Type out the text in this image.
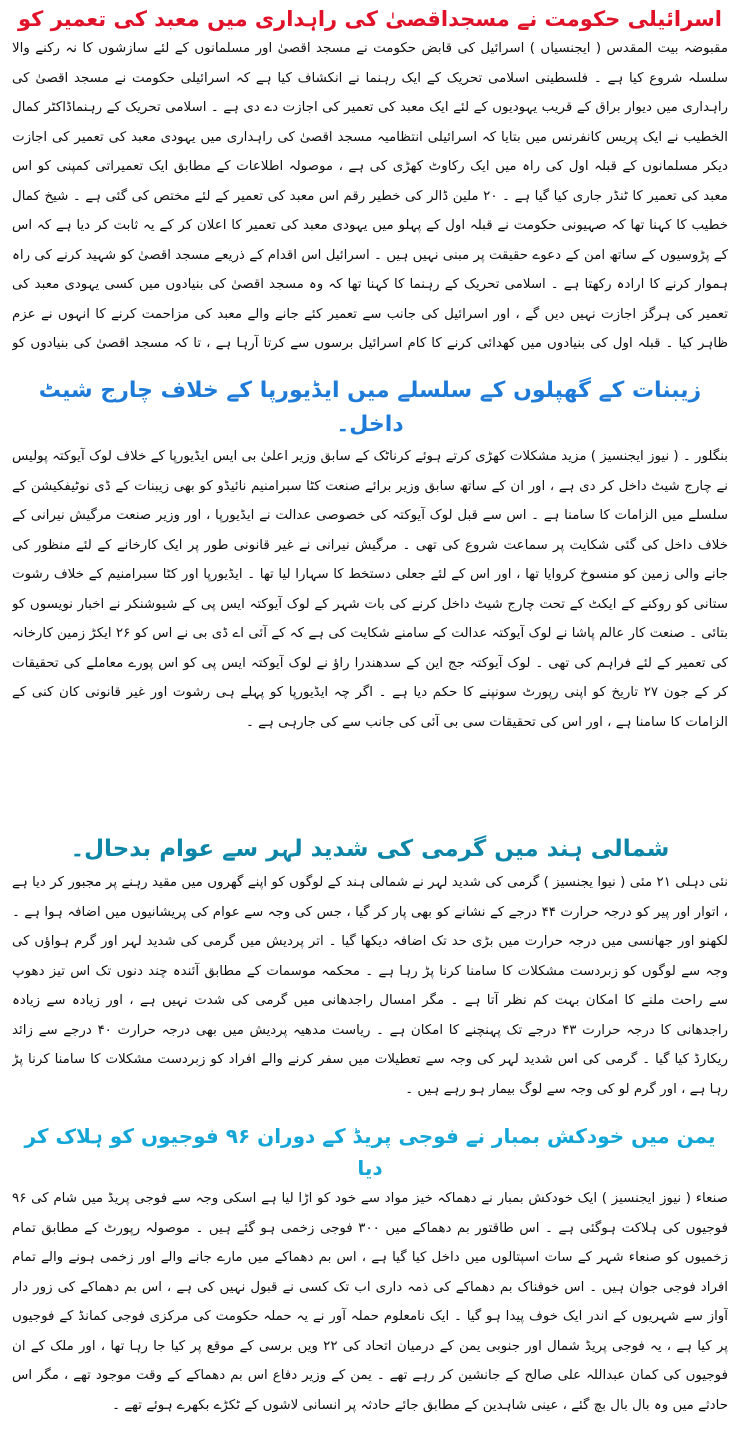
اسرائیلی حکومت نے مسجداقصیٰ کی راہداری میں معبد کی تعمیر کو

مقبوضہ بیت المقدس ( ایجنسیاں ) اسرائیل کی قابض حکومت نے مسجد اقصیٰ اور مسلمانوں کے لئے سازشوں کا نہ رکنے والا سلسلہ شروع کیا ہے ۔ فلسطینی اسلامی تحریک کے ایک رہنما نے انکشاف کیا ہے کہ اسرائیلی حکومت نے مسجد اقصیٰ کی راہداری میں دیوار براق کے قریب یہودیوں کے لئے ایک معبد کی تعمیر کی اجازت دے دی ہے ۔ اسلامی تحریک کے رہنماڈاکٹر کمال الخطیب نے ایک پریس کانفرنس میں بتایا کہ اسرائیلی انتظامیہ مسجد اقصیٰ کی راہداری میں یہودی معبد کی تعمیر کی اجازت دیکر مسلمانوں کے قبلہ اول کی راہ میں ایک رکاوٹ کھڑی کی ہے ، موصولہ اطلاعات کے مطابق ایک تعمیراتی کمپنی کو اس معبد کی تعمیر کا ٹنڈر جاری کیا گیا ہے ۔ ۲۰ ملین ڈالر کی خطیر رقم اس معبد کی تعمیر کے لئے مختص کی گئی ہے ۔ شیخ کمال خطیب کا کہنا تھا کہ صہیونی حکومت نے قبلہ اول کے پہلو میں یہودی معبد کی تعمیر کا اعلان کر کے یہ ثابت کر دیا ہے کہ اس کے پڑوسیوں کے ساتھ امن کے دعوے حقیقت پر مبنی نہیں ہیں ۔ اسرائیل اس اقدام کے ذریعے مسجد اقصیٰ کو شہید کرنے کی راہ ہموار کرنے کا ارادہ رکھتا ہے ۔ اسلامی تحریک کے رہنما کا کہنا تھا کہ وہ مسجد اقصیٰ کی بنیادوں میں کسی یہودی معبد کی تعمیر کی ہرگز اجازت نہیں دیں گے ، اور اسرائیل کی جانب سے تعمیر کئے جانے والے معبد کی مزاحمت کرنے کا انہوں نے عزم ظاہر کیا ۔ قبلہ اول کی بنیادوں میں کھدائی کرنے کا کام اسرائیل برسوں سے کرتا آرہا ہے ، تا کہ مسجد اقصیٰ کی بنیادوں کو

زیبنات کے گھپلوں کے سلسلے میں ایڈیورپا کے خلاف چارج شیٹ داخل۔

بنگلور ۔ ( نیوز ایجنسیز ) مزید مشکلات کھڑی کرتے ہوئے کرناٹک کے سابق وزیر اعلیٰ بی ایس ایڈیورپا کے خلاف لوک آیوکتہ پولیس نے چارج شیٹ داخل کر دی ہے ، اور ان کے ساتھ سابق وزیر برائے صنعت کٹا سبرامنیم نائیڈو کو بھی زیبنات کے ڈی نوٹیفکیشن کے سلسلے میں الزامات کا سامنا ہے ۔ اس سے قبل لوک آیوکتہ کی خصوصی عدالت نے ایڈیورپا ، اور وزیر صنعت مرگیش نیرانی کے خلاف داخل کی گئی شکایت پر سماعت شروع کی تھی ۔ مرگیش نیرانی نے غیر قانونی طور پر ایک کارخانے کے لئے منظور کی جانے والی زمین کو منسوخ کروایا تھا ، اور اس کے لئے جعلی دستخط کا سہارا لیا تھا ۔ ایڈیورپا اور کٹا سبرامنیم کے خلاف رشوت ستانی کو روکنے کے ایکٹ کے تحت چارج شیٹ داخل کرنے کی بات شہر کے لوک آیوکتہ ایس پی کے شیوشنکر نے اخبار نویسوں کو بتائی ۔ صنعت کار عالم پاشا نے لوک آیوکتہ عدالت کے سامنے شکایت کی ہے کہ کے آئی اے ڈی بی نے اس کو ۲۶ ایکڑ زمین کارخانہ کی تعمیر کے لئے فراہم کی تھی ۔ لوک آیوکتہ جج این کے سدھندرا راؤ نے لوک آیوکتہ ایس پی کو اس پورے معاملے کی تحقیقات کر کے جون ۲۷ تاریخ کو اپنی رپورٹ سونپنے کا حکم دیا ہے ۔ اگر چہ ایڈیورپا کو پہلے ہی رشوت اور غیر قانونی کان کنی کے الزامات کا سامنا ہے ، اور اس کی تحقیقات سی بی آئی کی جانب سے کی جارہی ہے ۔

شمالی ہند میں گرمی کی شدید لہر سے عوام بدحال۔

نئی دہلی ۲۱ مئی ( نیوا یجنسیز ) گرمی کی شدید لہر نے شمالی ہند کے لوگوں کو اپنے گھروں میں مقید رہنے پر مجبور کر دیا ہے ، اتوار اور پیر کو درجہ حرارت ۴۴ درجے کے نشانے کو بھی پار کر گیا ، جس کی وجہ سے عوام کی پریشانیوں میں اضافہ ہوا ہے ۔ لکھنو اور جھانسی میں درجہ حرارت میں بڑی حد تک اضافہ دیکھا گیا ۔ اتر پردیش میں گرمی کی شدید لہر اور گرم ہواؤں کی وجہ سے لوگوں کو زبردست مشکلات کا سامنا کرنا پڑ رہا ہے ۔ محکمہ موسمات کے مطابق آئندہ چند دنوں تک اس تیز دھوپ سے راحت ملنے کا امکان بہت کم نظر آتا ہے ۔ مگر امسال راجدھانی میں گرمی کی شدت نہیں ہے ، اور زیادہ سے زیادہ راجدھانی کا درجہ حرارت ۴۳ درجے تک پہنچنے کا امکان ہے ۔ ریاست مدھیہ پردیش میں بھی درجہ حرارت ۴۰ درجے سے زائد ریکارڈ کیا گیا ۔ گرمی کی اس شدید لہر کی وجہ سے تعطیلات میں سفر کرنے والے افراد کو زبردست مشکلات کا سامنا کرنا پڑ رہا ہے ، اور گرم لو کی وجہ سے لوگ بیمار ہو رہے ہیں ۔

یمن میں خودکش بمبار نے فوجی پریڈ کے دوران ۹۶ فوجیوں کو ہلاک کر دیا

صنعاء ( نیوز ایجنسیز ) ایک خودکش بمبار نے دھماکہ خیز مواد سے خود کو اڑا لیا ہے اسکی وجہ سے فوجی پریڈ میں شام کی ۹۶ فوجیوں کی ہلاکت ہوگئی ہے ۔ اس طاقتور بم دھماکے میں ۳۰۰ فوجی زخمی ہو گئے ہیں ۔ موصولہ رپورٹ کے مطابق تمام زخمیوں کو صنعاء شہر کے سات اسپتالوں میں داخل کیا گیا ہے ، اس بم دھماکے میں مارے جانے والے اور زخمی ہونے والے تمام افراد فوجی جوان ہیں ۔ اس خوفناک بم دھماکے کی ذمہ داری اب تک کسی نے قبول نہیں کی ہے ، اس بم دھماکے کی زور دار آواز سے شہریوں کے اندر ایک خوف پیدا ہو گیا ۔ ایک نامعلوم حملہ آور نے یہ حملہ حکومت کی مرکزی فوجی کمانڈ کے فوجیوں پر کیا ہے ، یہ فوجی پریڈ شمال اور جنوبی یمن کے درمیان اتحاد کی ۲۲ ویں برسی کے موقع پر کیا جا رہا تھا ، اور ملک کے ان فوجیوں کی کمان عبداللہ علی صالح کے جانشین کر رہے تھے ۔ یمن کے وزیر دفاع اس بم دھماکے کے وقت موجود تھے ، مگر اس حادثے میں وہ بال بال بچ گئے ، عینی شاہدین کے مطابق جائے حادثہ پر انسانی لاشوں کے ٹکڑے بکھرے ہوئے تھے ۔
